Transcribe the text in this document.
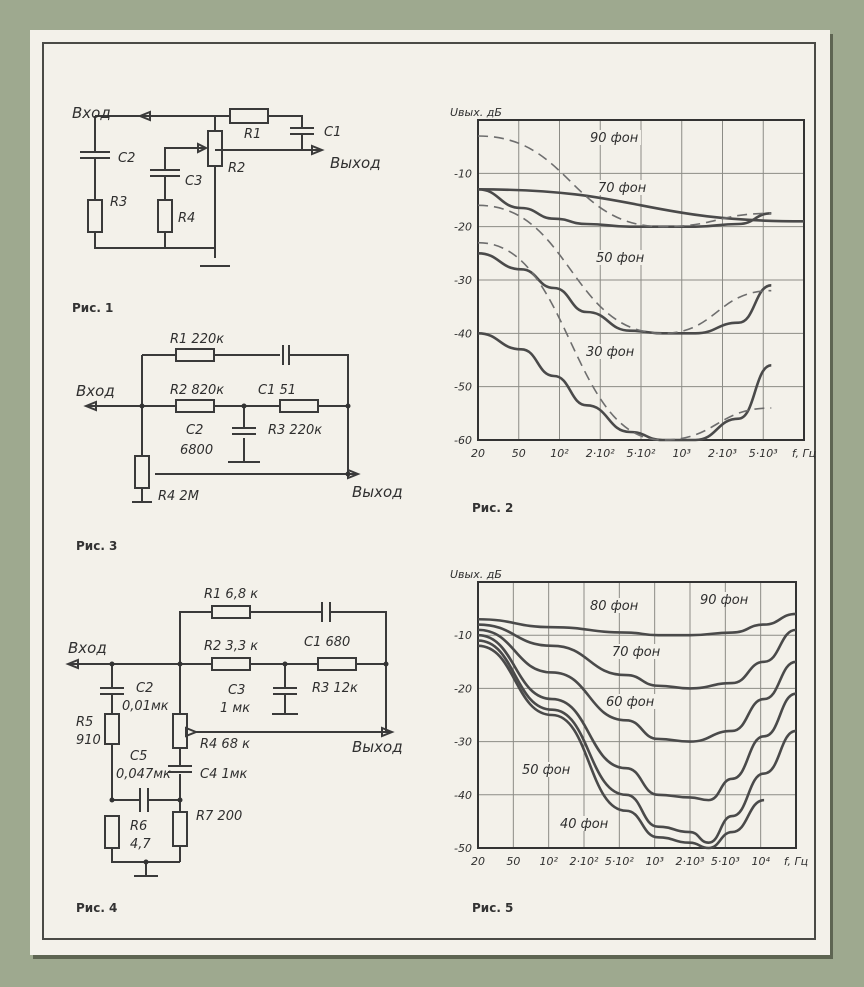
Вход
Выход
R1	C1
C2
R2
C3
R3
R4
Рис. 1
Вход
Выход
R1 220к
R2 820к	C1 51
C2
6800
R3 220к
R4 2М
Рис. 3
Вход
Выход
R1 6,8 к
R2 3,3 к	C1 680
C2
0,01мк
C3
1 мк
R3 12к
R4 68 к
C4 1мк
R5
910
C5
0,047мк
R6
4,7
R7 200
Рис. 4
20 50 10² 2·10² 5·10² 10³ 2·10³ 5·10³ f, Гц
-10
-20
-30
-40
-50
-60
Uвых. дБ
90 фон
70 фон
50 фон
30 фон
20 50 10² 2·10² 5·10² 10³ 2·10³ 5·10³ 10⁴ f, Гц
-10
-20
-30
-40
-50
Uвых. дБ
90 фон
80 фон
70 фон
60 фон
50 фон
40 фон
Рис. 2
Рис. 5
